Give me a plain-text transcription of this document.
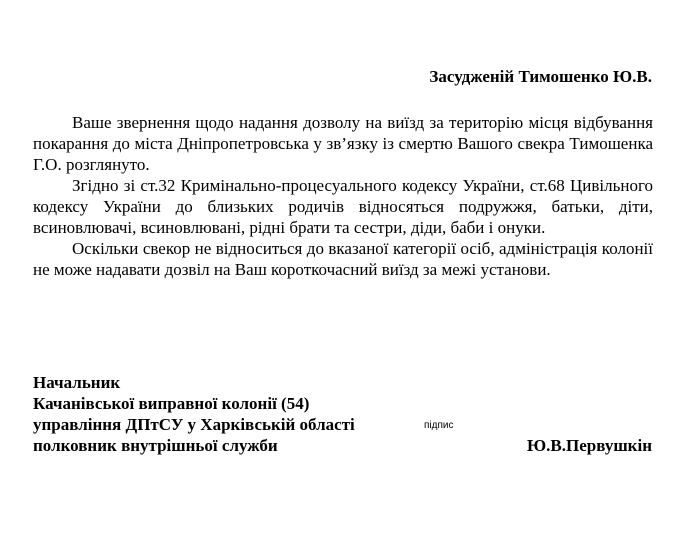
Засудженій Тимошенко Ю.В.

Ваше звернення щодо надання дозволу на виїзд за територію місця відбування покарання до міста Дніпропетровська у зв’язку із смертю Вашого свекра Тимошенка Г.О. розглянуто.

Згідно зі ст.32 Кримінально-процесуального кодексу України, ст.68 Цивільного кодексу України до близьких родичів відносяться подружжя, батьки, діти, всиновлювачі, всиновлювані, рідні брати та сестри, діди, баби і онуки.

Оскільки свекор не відноситься до вказаної категорії осіб, адміністрація колонії не може надавати дозвіл на Ваш короткочасний виїзд за межі установи.

Начальник
Качанівської виправної колонії (54)
управління ДПтСУ у Харківській області
полковник внутрішньої служби
підпис
Ю.В.Первушкін
